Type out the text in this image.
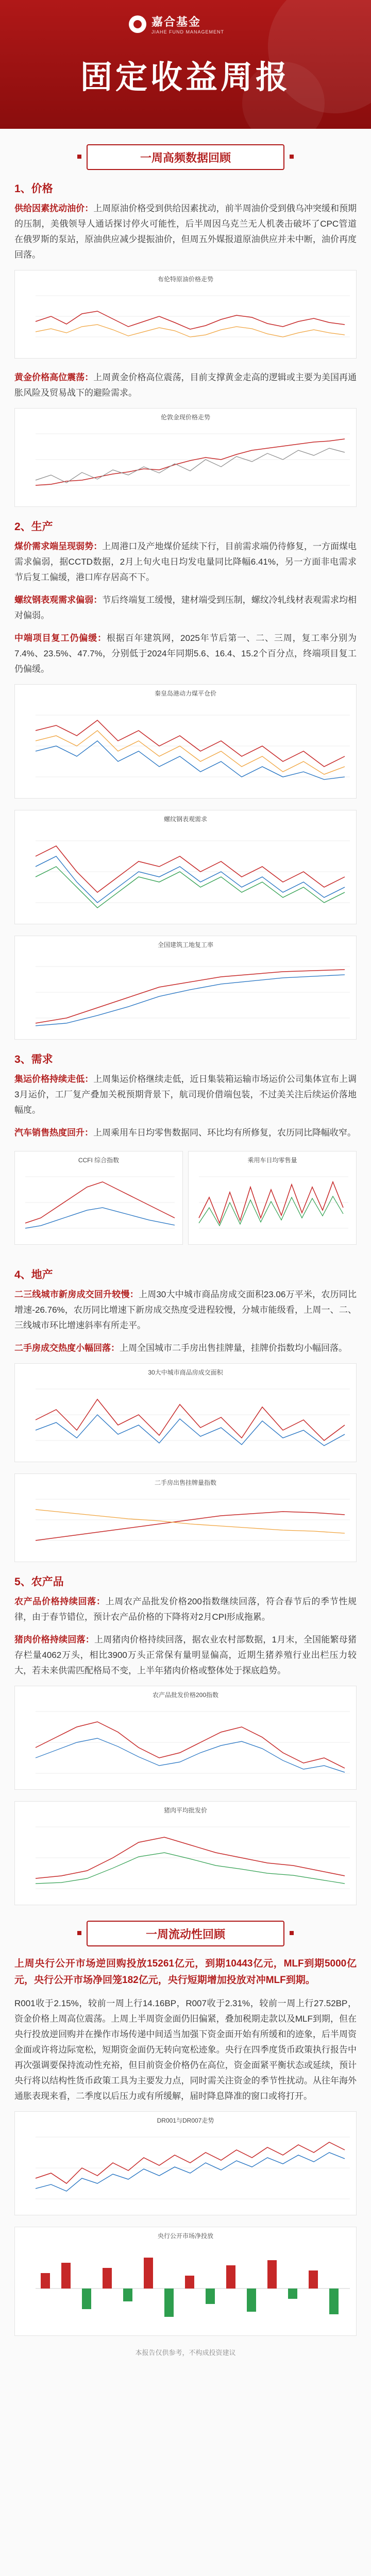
嘉合基金
JIAHE FUND MANAGEMENT
固定收益周报
一周高频数据回顾
1、价格

供给因素扰动油价：上周原油价格受到供给因素扰动，前半周油价受到俄乌冲突缓和预期的压制，美俄领导人通话探讨停火可能性，后半周因乌克兰无人机袭击破坏了CPC管道在俄罗斯的泵站，原油供应减少提振油价，但周五外媒报道原油供应并未中断，油价再度回落。

布伦特原油价格走势

黄金价格高位震荡：上周黄金价格高位震荡，目前支撑黄金走高的逻辑或主要为美国再通胀风险及贸易战下的避险需求。

伦敦金现价格走势
2、生产

煤价需求端呈现弱势：上周港口及产地煤价延续下行，目前需求端仍待修复，一方面煤电需求偏弱，据CCTD数据，2月上旬火电日均发电量同比降幅6.41%，另一方面非电需求节后复工偏缓，港口库存居高不下。

螺纹钢表观需求偏弱：节后终端复工缓慢，建材端受到压制，螺纹冷轧线材表观需求均相对偏弱。

中端项目复工仍偏缓：根据百年建筑网，2025年节后第一、二、三周，复工率分别为7.4%、23.5%、47.7%，分别低于2024年同期5.6、16.4、15.2个百分点，终端项目复工仍偏缓。

秦皇岛港动力煤平仓价
螺纹钢表观需求
全国建筑工地复工率
3、需求

集运价格持续走低：上周集运价格继续走低，近日集装箱运输市场运价公司集体宣布上调3月运价，工厂复产叠加关税预期背景下，航司现价借端包装，不过美关注后续运价落地幅度。

汽车销售热度回升：上周乘用车日均零售数据同、环比均有所修复，农历同比降幅收窄。

CCFI 综合指数	乘用车日均零售量
4、地产

二三线城市新房成交回升较慢：上周30大中城市商品房成交面积23.06万平米，农历同比增速-26.76%，农历同比增速下新房成交热度受进程较慢，分城市能级看，上周一、二、三线城市环比增速斜率有所走平。

二手房成交热度小幅回落：上周全国城市二手房出售挂牌量，挂牌价指数均小幅回落。

30大中城市商品房成交面积
二手房出售挂牌量指数
5、农产品

农产品价格持续回落：上周农产品批发价格200指数继续回落，符合春节后的季节性规律，由于春节错位，预计农产品价格的下降将对2月CPI形成拖累。

猪肉价格持续回落：上周猪肉价格持续回落，据农业农村部数据，1月末，全国能繁母猪存栏量4062万头，相比3900万头正常保有量明显偏高，近期生猪养殖行业出栏压力较大，若未来供需匹配格局不变，上半年猪肉价格或整体处于探底趋势。

农产品批发价格200指数
猪肉平均批发价
一周流动性回顾

上周央行公开市场逆回购投放15261亿元，到期10443亿元，MLF到期5000亿元，央行公开市场净回笼182亿元，央行短期增加投放对冲MLF到期。

R001收于2.15%，较前一周上行14.16BP，R007收于2.31%，较前一周上行27.52BP，资金价格上周高位震荡。上周上半周资金面仍旧偏紧，叠加税期走款以及MLF到期，但在央行投放逆回购并在操作市场传递中间适当加强下资金面开始有所缓和的迹象，后半周资金面或许将边际宽松，短期资金面仍无转向宽松迹象。央行在四季度货币政策执行报告中再次强调要保持流动性充裕，但目前资金价格仍在高位，资金面紧平衡状态或延续，预计央行将以结构性货币政策工具为主要发力点，同时需关注资金的季节性扰动。从往年海外通胀表现来看，二季度以后压力或有所缓解，届时降息降准的窗口或将打开。

DR001与DR007走势
央行公开市场净投放
本报告仅供参考，不构成投资建议
